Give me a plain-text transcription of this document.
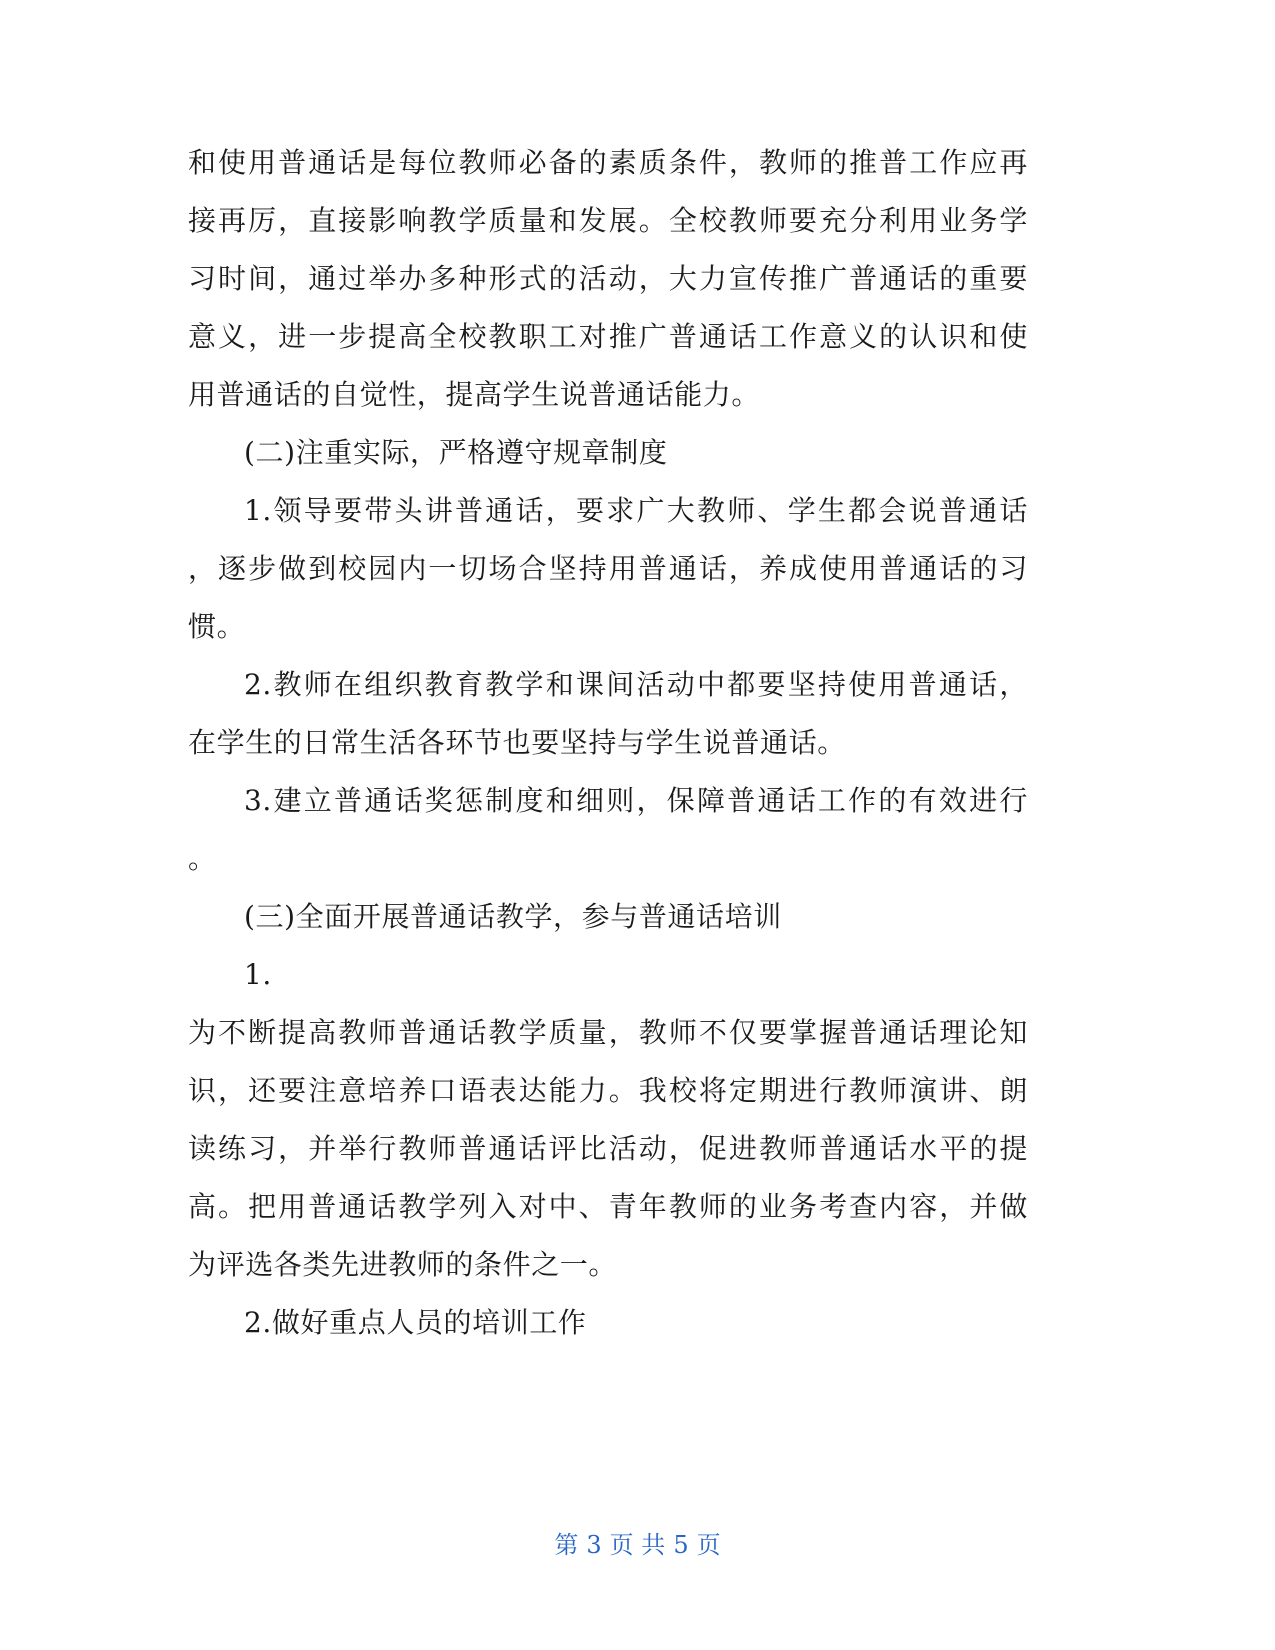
和使用普通话是每位教师必备的素质条件，教师的推普工作应再
接再厉，直接影响教学质量和发展。全校教师要充分利用业务学
习时间，通过举办多种形式的活动，大力宣传推广普通话的重要
意义，进一步提高全校教职工对推广普通话工作意义的认识和使
用普通话的自觉性，提高学生说普通话能力。
(二)注重实际，严格遵守规章制度
1.领导要带头讲普通话，要求广大教师、学生都会说普通话
，逐步做到校园内一切场合坚持用普通话，养成使用普通话的习
惯。
2.教师在组织教育教学和课间活动中都要坚持使用普通话，
在学生的日常生活各环节也要坚持与学生说普通话。
3.建立普通话奖惩制度和细则，保障普通话工作的有效进行
。
(三)全面开展普通话教学，参与普通话培训
1.
为不断提高教师普通话教学质量，教师不仅要掌握普通话理论知
识，还要注意培养口语表达能力。我校将定期进行教师演讲、朗
读练习，并举行教师普通话评比活动，促进教师普通话水平的提
高。把用普通话教学列入对中、青年教师的业务考查内容，并做
为评选各类先进教师的条件之一。
2.做好重点人员的培训工作
第 3 页 共 5 页
